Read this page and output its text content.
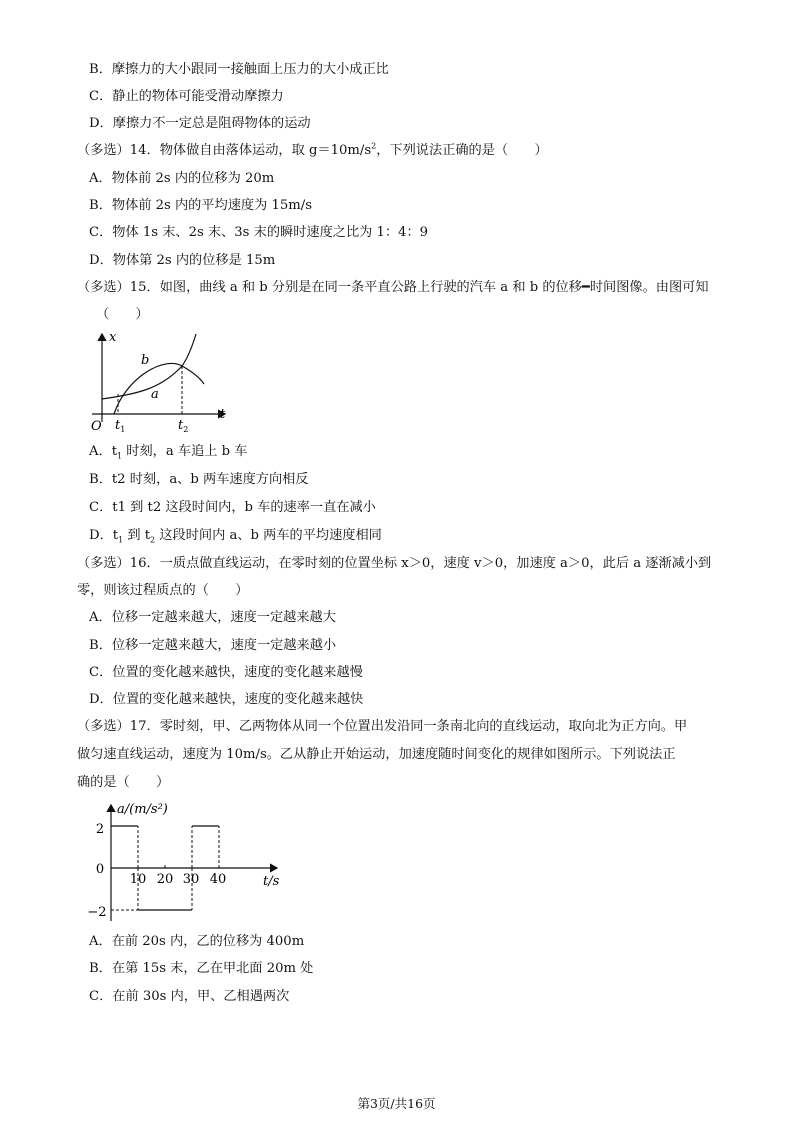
B．摩擦力的大小跟同一接触面上压力的大小成正比
C．静止的物体可能受滑动摩擦力
D．摩擦力不一定总是阻碍物体的运动
（多选）14．物体做自由落体运动，取 $g=10m/s^2$，下列说法正确的是（　　）
A．物体前 2s 内的位移为 20m
B．物体前 2s 内的平均速度为 15m/s
C．物体 1s 末、2s 末、3s 末的瞬时速度之比为 1：4：9
D．物体第 2s 内的位移是 15m
（多选）15．如图，曲线 a 和 b 分别是在同一条平直公路上行驶的汽车 a 和 b 的位移━时间图像。由图可知
（　　）
x
t
O
b
a
$t_1$	$t_2$
A．$t_1$ 时刻，a 车追上 b 车
B．t2 时刻，a、b 两车速度方向相反
C．t1 到 t2 这段时间内，b 车的速率一直在减小
D．$t_1$ 到 $t_2$ 这段时间内 a、b 两车的平均速度相同
（多选）16．一质点做直线运动，在零时刻的位置坐标 x＞0，速度 v＞0，加速度 a＞0，此后 a 逐渐减小到
零，则该过程质点的（　　）
A．位移一定越来越大，速度一定越来越大
B．位移一定越来越大，速度一定越来越小
C．位置的变化越来越快，速度的变化越来越慢
D．位置的变化越来越快，速度的变化越来越快
（多选）17．零时刻，甲、乙两物体从同一个位置出发沿同一条南北向的直线运动，取向北为正方向。甲
做匀速直线运动，速度为 10m/s。乙从静止开始运动，加速度随时间变化的规律如图所示。下列说法正
确的是（　　）
a/(m/s²)
t/s
2
0
−2
10 20 30 40
A．在前 20s 内，乙的位移为 400m
B．在第 15s 末，乙在甲北面 20m 处
C．在前 30s 内，甲、乙相遇两次
第3页/共16页
